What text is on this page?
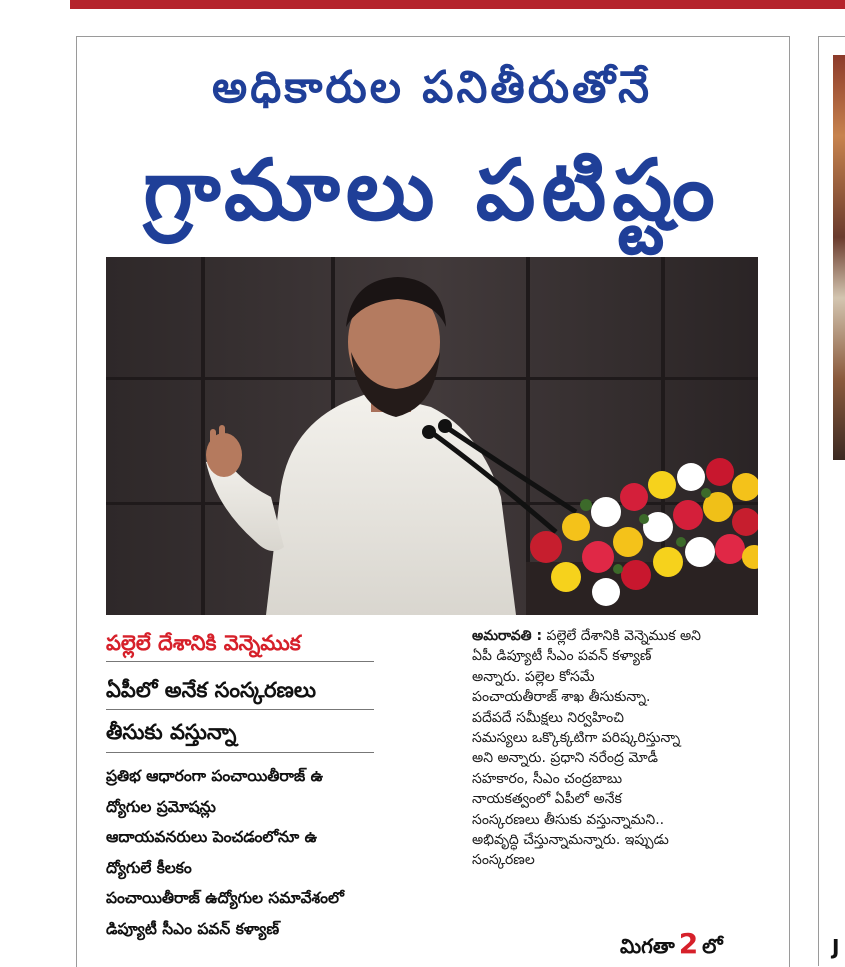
J
అధికారుల పనితీరుతోనే
గ్రామాలు పటిష్టం
పల్లెలే దేశానికి వెన్నెముక
ఏపీలో అనేక సంస్కరణలు
తీసుకు వస్తున్నా
ప్రతిభ ఆధారంగా పంచాయితీరాజ్ ఉ
ద్యోగుల ప్రమోషన్లు
ఆదాయవనరులు పెంచడంలోనూ ఉ
ద్యోగులే కీలకం
పంచాయితీరాజ్ ఉద్యోగుల సమావేశంలో
డిప్యూటీ సీఎం పవన్ కళ్యాణ్
అమరావతి : పల్లెలే దేశానికి వెన్నెముక అని
ఏపీ డిప్యూటీ సీఎం పవన్ కళ్యాణ్
అన్నారు. పల్లెల కోసమే
పంచాయతీరాజ్ శాఖ తీసుకున్నా.
పదేపదే సమీక్షలు నిర్వహించి
సమస్యలు ఒక్కొక్కటిగా పరిష్కరిస్తున్నా
అని అన్నారు. ప్రధాని నరేంద్ర మోడీ
సహకారం, సీఎం చంద్రబాబు
నాయకత్వంలో ఏపీలో అనేక
సంస్కరణలు తీసుకు వస్తున్నామని..
అభివృద్ధి చేస్తున్నామన్నారు. ఇప్పుడు
సంస్కరణల
మిగతా 2 లో
